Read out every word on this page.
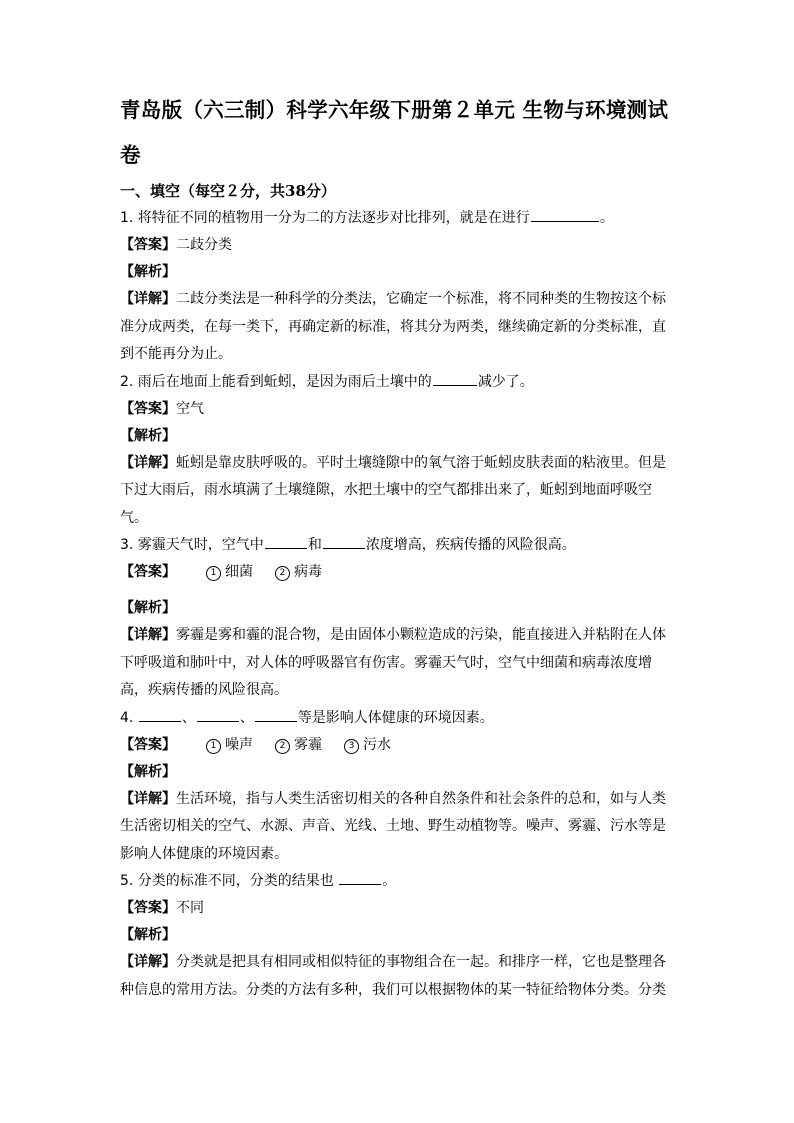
青岛版（六三制）科学六年级下册第２单元 生物与环境测试卷
一、填空（每空２分，共38分）
1. 将特征不同的植物用一分为二的方法逐步对比排列，就是在进行	。
【答案】二歧分类
【解析】
【详解】二歧分类法是一种科学的分类法，它确定一个标准，将不同种类的生物按这个标准分成两类，在每一类下，再确定新的标准，将其分为两类，继续确定新的分类标准，直到不能再分为止。
2. 雨后在地面上能看到蚯蚓，是因为雨后土壤中的	减少了。
【答案】空气
【解析】
【详解】蚯蚓是靠皮肤呼吸的。平时土壤缝隙中的氧气溶于蚯蚓皮肤表面的粘液里。但是下过大雨后，雨水填满了土壤缝隙，水把土壤中的空气都排出来了，蚯蚓到地面呼吸空气。
3. 雾霾天气时，空气中	和	浓度增高，疾病传播的风险很高。
【答案】	1 细菌	2 病毒
【解析】
【详解】雾霾是雾和霾的混合物，是由固体小颗粒造成的污染，能直接进入并粘附在人体下呼吸道和肺叶中，对人体的呼吸器官有伤害。雾霾天气时，空气中细菌和病毒浓度增高，疾病传播的风险很高。
4.	、	、	等是影响人体健康的环境因素。
【答案】	1 噪声	2 雾霾	3 污水
【解析】
【详解】生活环境，指与人类生活密切相关的各种自然条件和社会条件的总和，如与人类生活密切相关的空气、水源、声音、光线、土地、野生动植物等。噪声、雾霾、污水等是影响人体健康的环境因素。
5. 分类的标准不同，分类的结果也	。
【答案】不同
【解析】
【详解】分类就是把具有相同或相似特征的事物组合在一起。和排序一样，它也是整理各种信息的常用方法。分类的方法有多种，我们可以根据物体的某一特征给物体分类。分类
